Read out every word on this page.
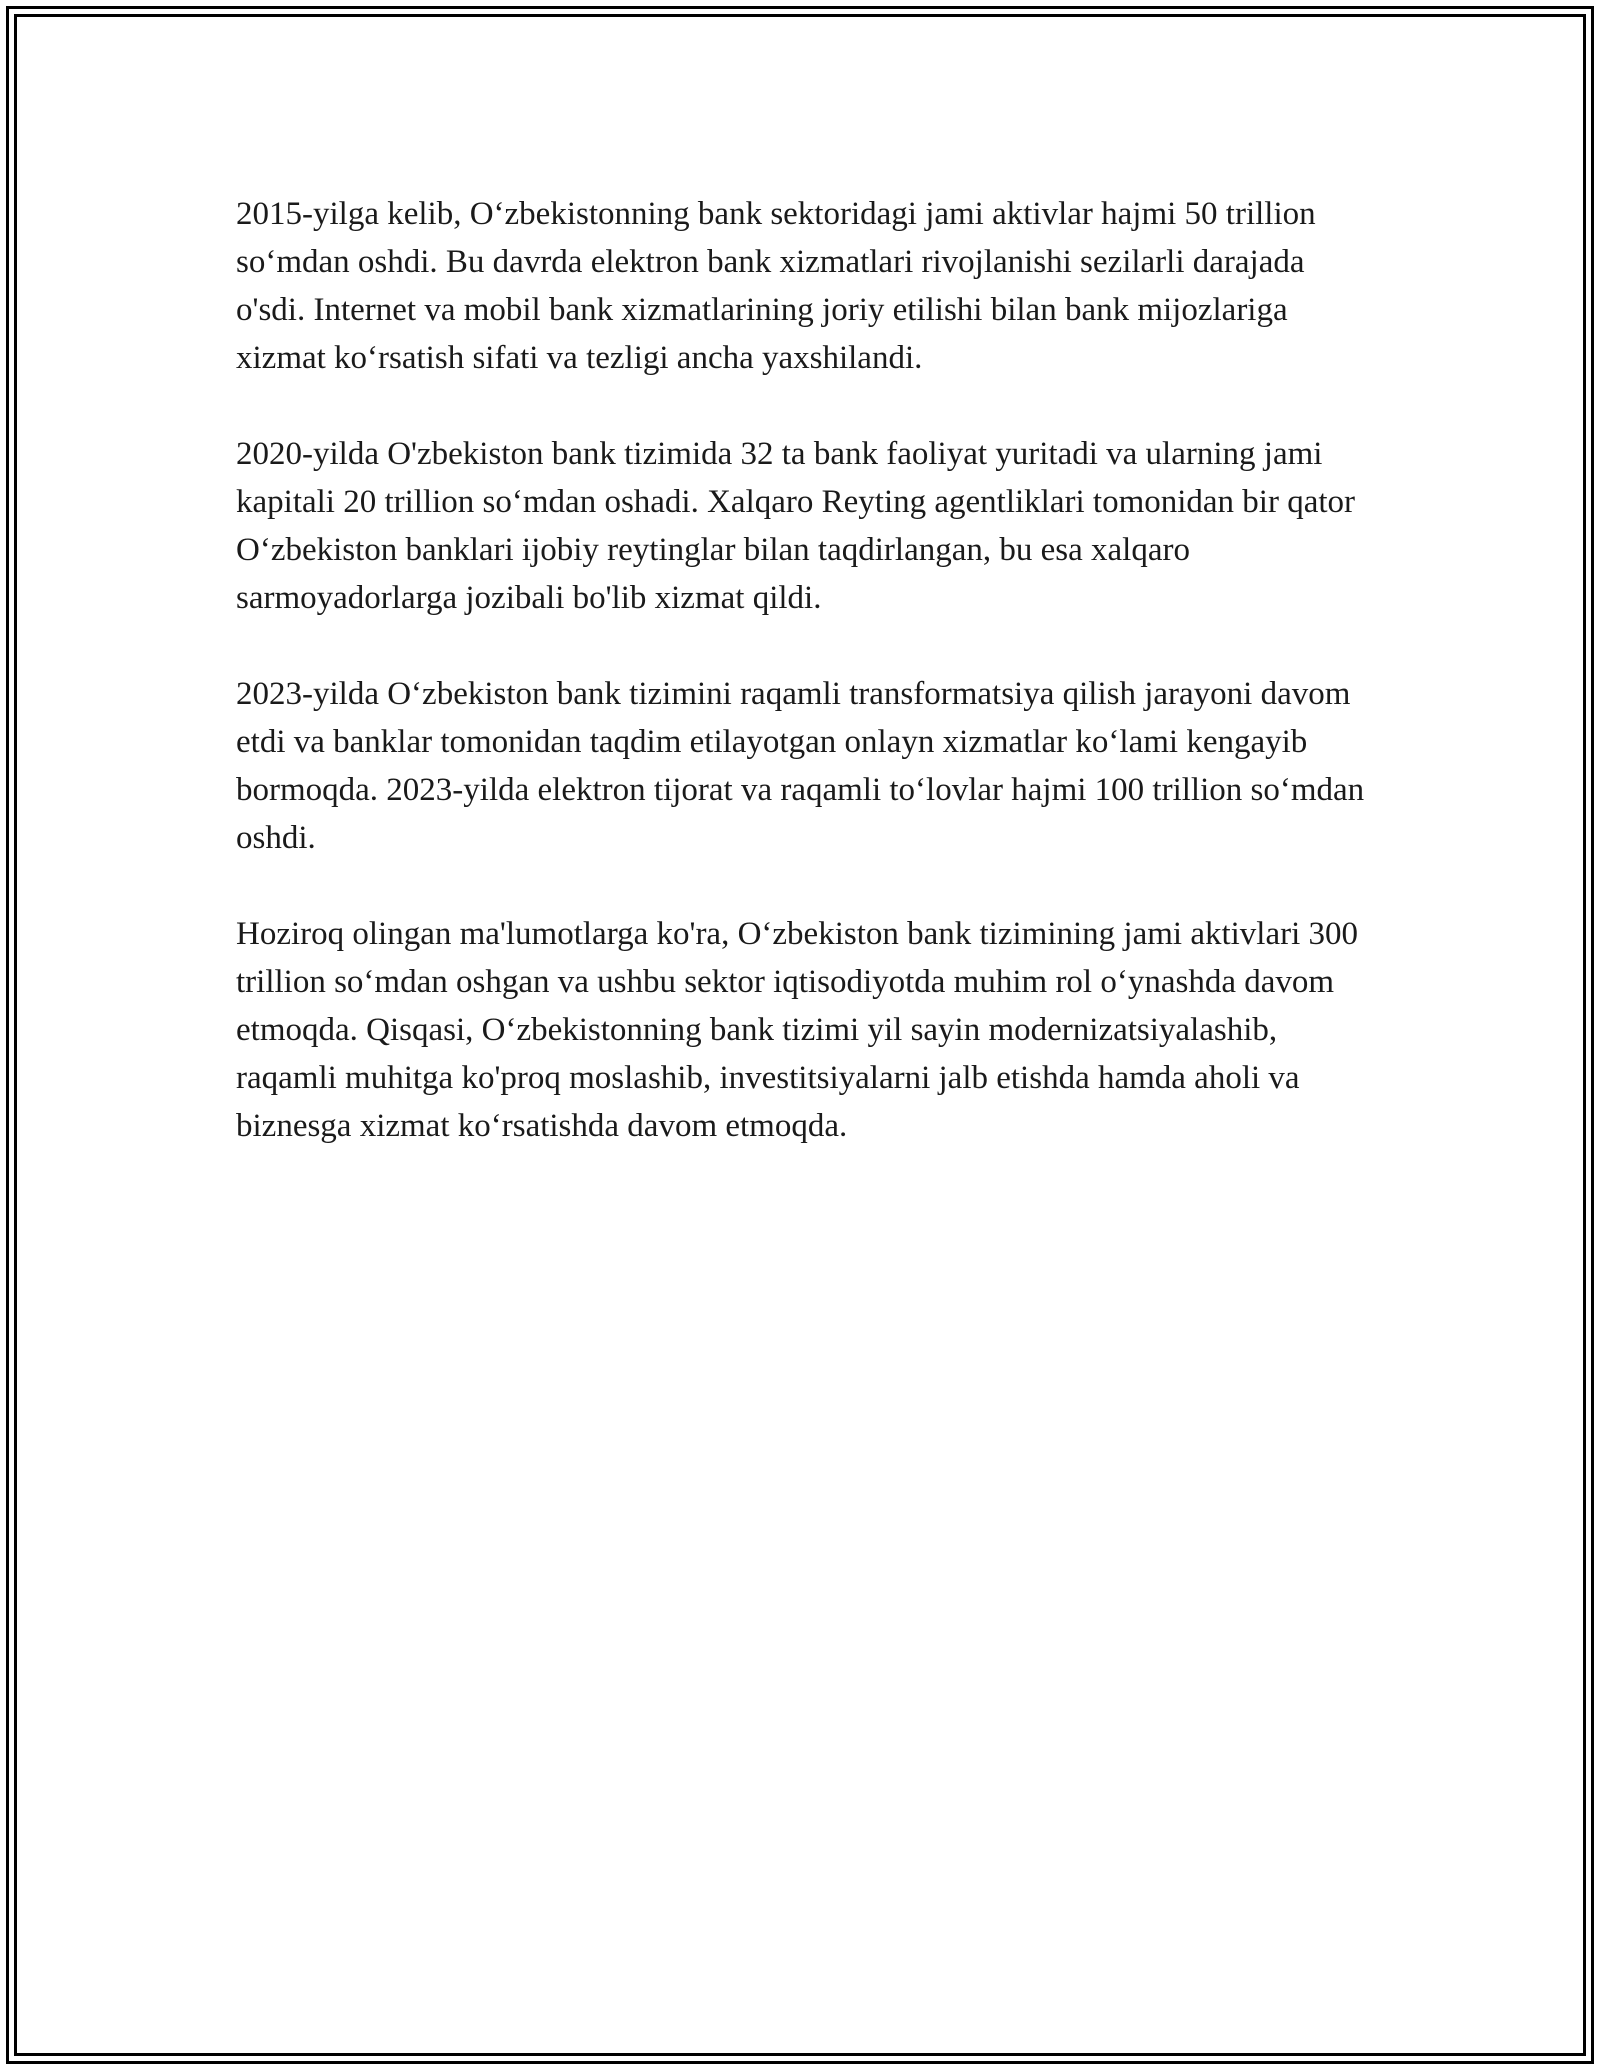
2015-yilga kelib, O‘zbekistonning bank sektoridagi jami aktivlar hajmi 50 trillion so‘mdan oshdi. Bu davrda elektron bank xizmatlari rivojlanishi sezilarli darajada o'sdi. Internet va mobil bank xizmatlarining joriy etilishi bilan bank mijozlariga xizmat ko‘rsatish sifati va tezligi ancha yaxshilandi.

2020-yilda O'zbekiston bank tizimida 32 ta bank faoliyat yuritadi va ularning jami kapitali 20 trillion so‘mdan oshadi. Xalqaro Reyting agentliklari tomonidan bir qator O‘zbekiston banklari ijobiy reytinglar bilan taqdirlangan, bu esa xalqaro sarmoyadorlarga jozibali bo'lib xizmat qildi.

2023-yilda O‘zbekiston bank tizimini raqamli transformatsiya qilish jarayoni davom etdi va banklar tomonidan taqdim etilayotgan onlayn xizmatlar ko‘lami kengayib bormoqda. 2023-yilda elektron tijorat va raqamli to‘lovlar hajmi 100 trillion so‘mdan oshdi.

Hoziroq olingan ma'lumotlarga ko'ra, O‘zbekiston bank tizimining jami aktivlari 300 trillion so‘mdan oshgan va ushbu sektor iqtisodiyotda muhim rol o‘ynashda davom etmoqda. Qisqasi, O‘zbekistonning bank tizimi yil sayin modernizatsiyalashib, raqamli muhitga ko'proq moslashib, investitsiyalarni jalb etishda hamda aholi va biznesga xizmat ko‘rsatishda davom etmoqda.
